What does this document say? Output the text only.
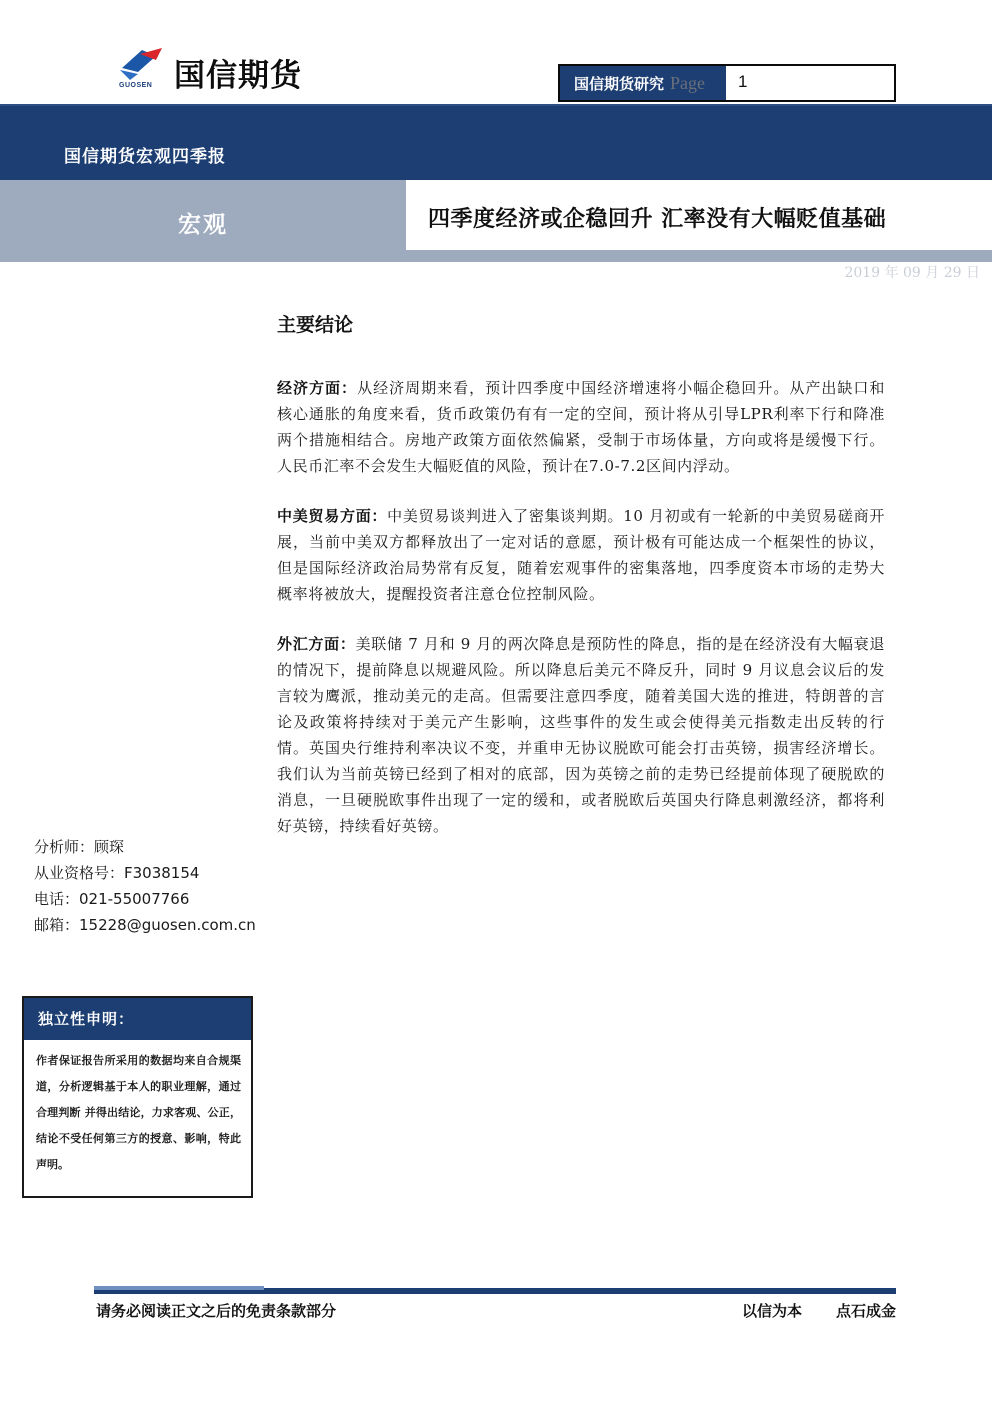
GUOSEN 国信期货	国信期货研究 Page 1
国信期货宏观四季报
宏观	四季度经济或企稳回升 汇率没有大幅贬值基础
2019 年 09 月 29 日
主要结论

经济方面：从经济周期来看，预计四季度中国经济增速将小幅企稳回升。从产出缺口和核心通胀的角度来看，货币政策仍有有一定的空间，预计将从引导LPR利率下行和降准两个措施相结合。房地产政策方面依然偏紧，受制于市场体量，方向或将是缓慢下行。人民币汇率不会发生大幅贬值的风险，预计在7.0-7.2区间内浮动。

中美贸易方面：中美贸易谈判进入了密集谈判期。10 月初或有一轮新的中美贸易磋商开展，当前中美双方都释放出了一定对话的意愿，预计极有可能达成一个框架性的协议，但是国际经济政治局势常有反复，随着宏观事件的密集落地，四季度资本市场的走势大概率将被放大，提醒投资者注意仓位控制风险。

外汇方面：美联储 7 月和 9 月的两次降息是预防性的降息，指的是在经济没有大幅衰退的情况下，提前降息以规避风险。所以降息后美元不降反升，同时 9 月议息会议后的发言较为鹰派，推动美元的走高。但需要注意四季度，随着美国大选的推进，特朗普的言论及政策将持续对于美元产生影响，这些事件的发生或会使得美元指数走出反转的行情。英国央行维持利率决议不变，并重申无协议脱欧可能会打击英镑，损害经济增长。我们认为当前英镑已经到了相对的底部，因为英镑之前的走势已经提前体现了硬脱欧的消息，一旦硬脱欧事件出现了一定的缓和，或者脱欧后英国央行降息刺激经济，都将利好英镑，持续看好英镑。

分析师：顾琛
从业资格号：F3038154
电话：021-55007766
邮箱：15228@guosen.com.cn
独立性申明：
作者保证报告所采用的数据均来自合规渠道，分析逻辑基于本人的职业理解，通过合理判断 并得出结论，力求客观、公正，结论不受任何第三方的授意、影响，特此声明。
请务必阅读正文之后的免责条款部分	以信为本 点石成金
